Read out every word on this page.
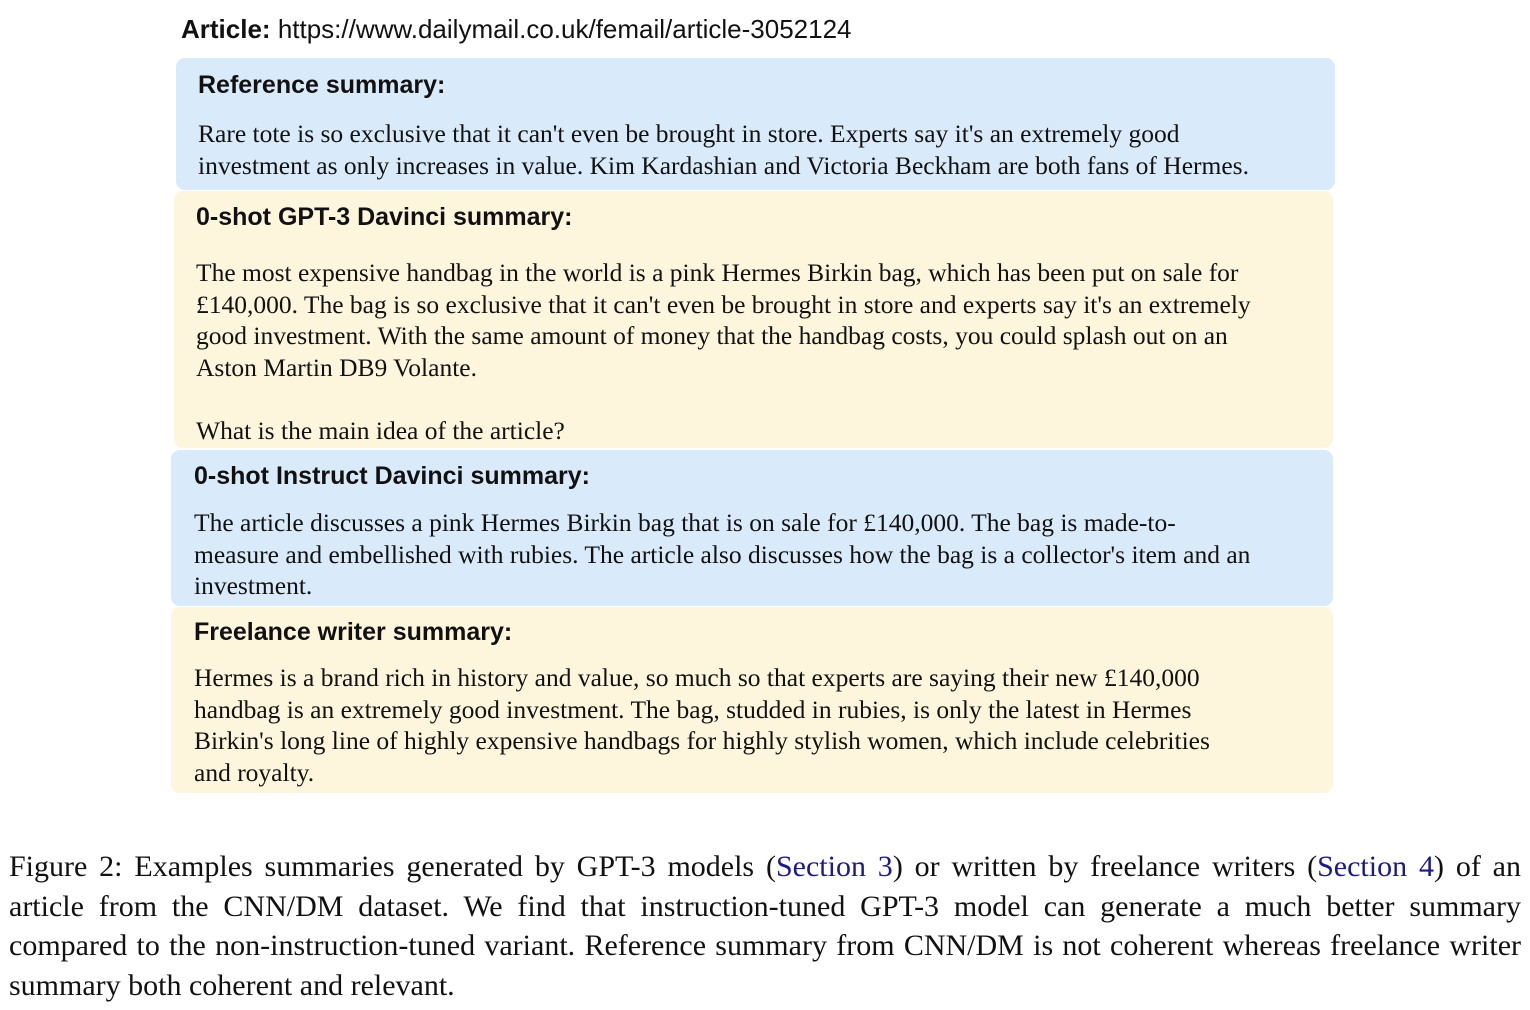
Article: https://www.dailymail.co.uk/femail/article-3052124
Reference summary:
Rare tote is so exclusive that it can't even be brought in store. Experts say it's an extremely good
investment as only increases in value. Kim Kardashian and Victoria Beckham are both fans of Hermes.
0-shot GPT-3 Davinci summary:
The most expensive handbag in the world is a pink Hermes Birkin bag, which has been put on sale for
£140,000. The bag is so exclusive that it can't even be brought in store and experts say it's an extremely
good investment. With the same amount of money that the handbag costs, you could splash out on an
Aston Martin DB9 Volante.

What is the main idea of the article?
0-shot Instruct Davinci summary:
The article discusses a pink Hermes Birkin bag that is on sale for £140,000. The bag is made-to-
measure and embellished with rubies. The article also discusses how the bag is a collector's item and an
investment.
Freelance writer summary:
Hermes is a brand rich in history and value, so much so that experts are saying their new £140,000
handbag is an extremely good investment. The bag, studded in rubies, is only the latest in Hermes
Birkin's long line of highly expensive handbags for highly stylish women, which include celebrities
and royalty.
Figure 2: Examples summaries generated by GPT-3 models (Section 3) or written by freelance writers (Section 4) of an article from the CNN/DM dataset. We find that instruction-tuned GPT-3 model can generate a much better summary compared to the non-instruction-tuned variant. Reference summary from CNN/DM is not coherent whereas freelance writer summary both coherent and relevant.
